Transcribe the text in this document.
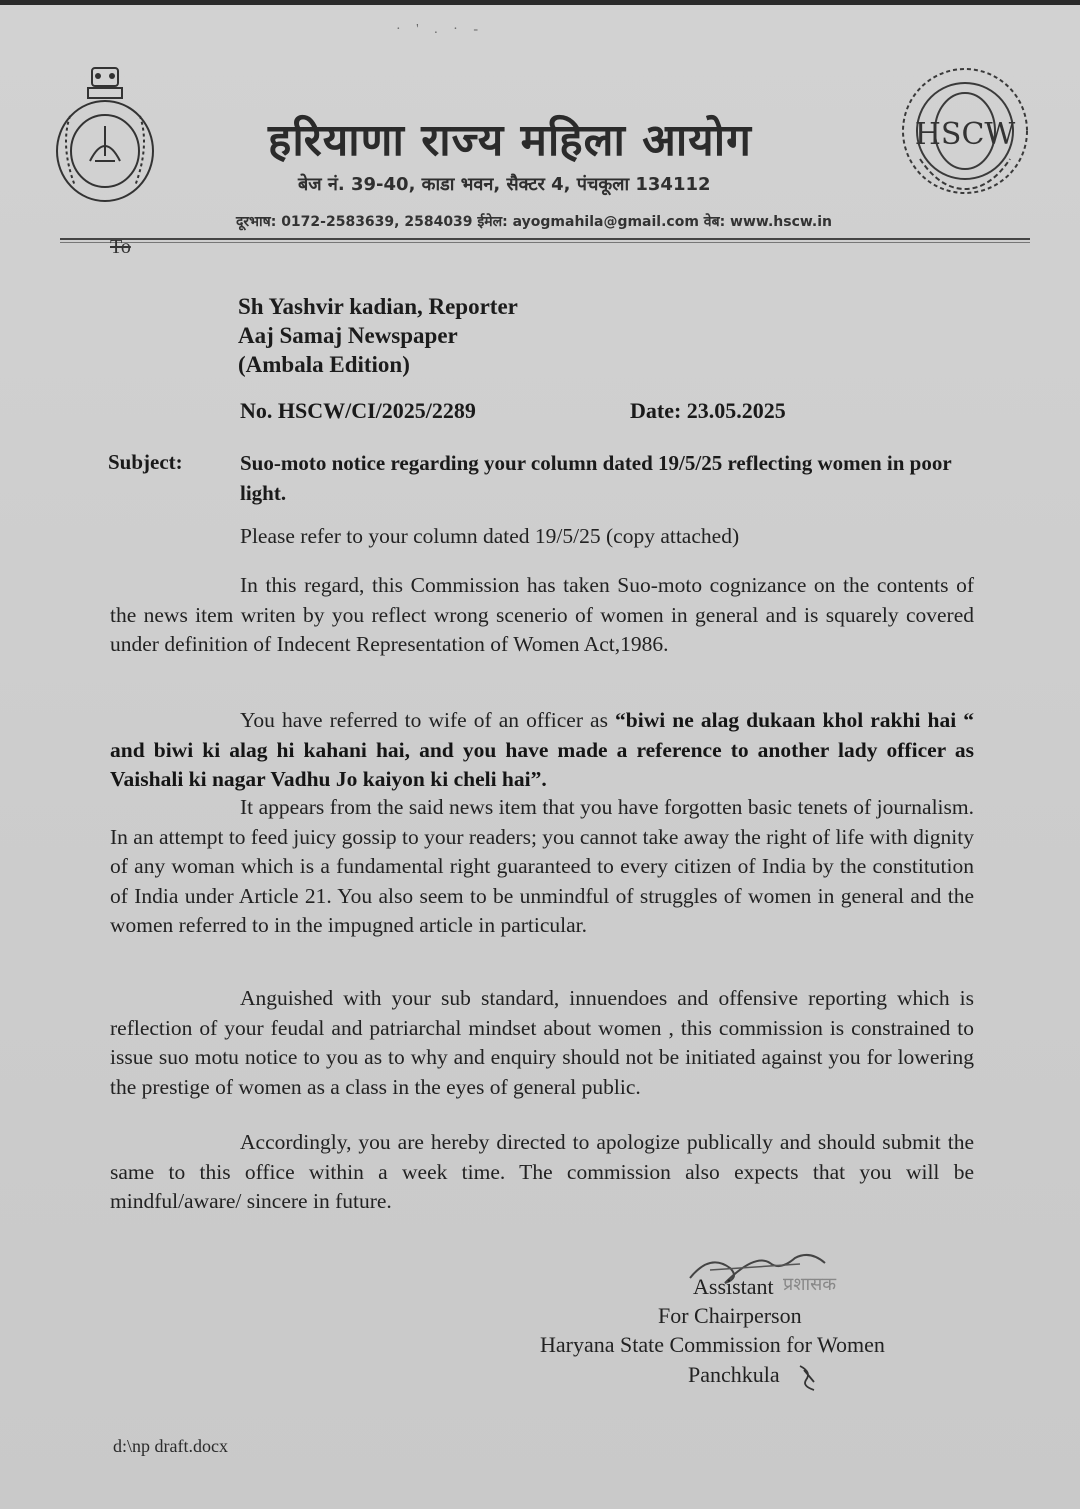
· ' . · -
हरियाणा राज्य महिला आयोग
बेज नं. 39-40, काडा भवन, सैक्टर 4, पंचकूला 134112
दूरभाष: 0172-2583639, 2584039 ईमेल: ayogmahila@gmail.com वेब: www.hscw.in
HSCW
To
Sh Yashvir kadian, Reporter
Aaj Samaj Newspaper
(Ambala Edition)
No. HSCW/CI/2025/2289	Date: 23.05.2025
Subject:	Suo-moto notice regarding your column dated 19/5/25 reflecting women in poor light.
Please refer to your column dated 19/5/25 (copy attached)
In this regard, this Commission has taken Suo-moto cognizance on the contents of the news item writen by you reflect wrong scenerio of women in general and is squarely covered under definition of Indecent Representation of Women Act,1986.
You have referred to wife of an officer as “biwi ne alag dukaan khol rakhi hai “ and biwi ki alag hi kahani hai, and you have made a reference to another lady officer as Vaishali ki nagar Vadhu Jo kaiyon ki cheli hai”.
It appears from the said news item that you have forgotten basic tenets of journalism. In an attempt to feed juicy gossip to your readers; you cannot take away the right of life with dignity of any woman which is a fundamental right guaranteed to every citizen of India by the constitution of India under Article 21. You also seem to be unmindful of struggles of women in general and the women referred to in the impugned article in particular.
Anguished with your sub standard, innuendoes and offensive reporting which is reflection of your feudal and patriarchal mindset about women , this commission is constrained to issue suo motu notice to you as to why and enquiry should not be initiated against you for lowering the prestige of women as a class in the eyes of general public.
Accordingly, you are hereby directed to apologize publically and should submit the same to this office within a week time. The commission also expects that you will be mindful/aware/ sincere in future.
Assistant प्रशासक
For Chairperson
Haryana State Commission for Women
Panchkula
d:\np draft.docx
